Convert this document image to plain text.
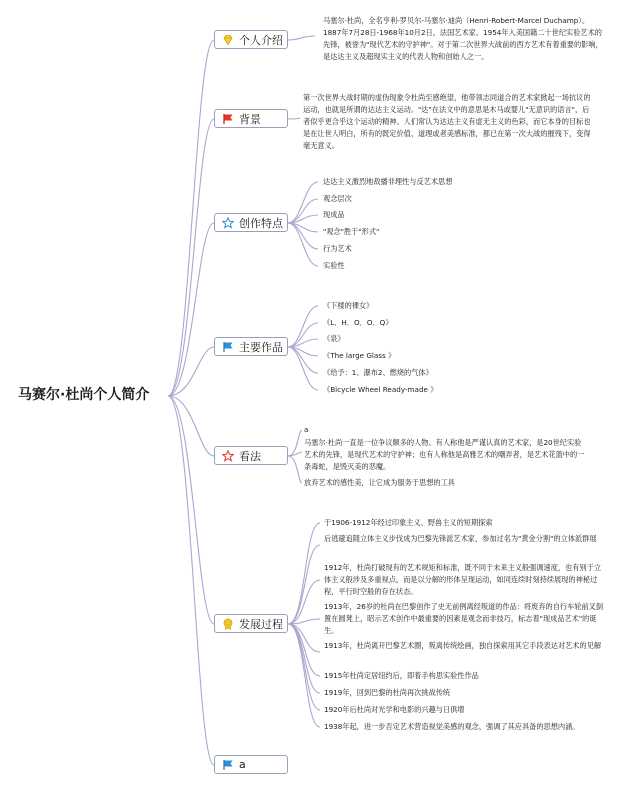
马赛尔·杜尚个人简介
个人介绍
背景
创作特点
主要作品
看法
发展过程
a
马塞尔·杜尚，全名亨利-罗贝尔-马塞尔·迪尚（Henri-Robert-Marcel Duchamp）。1887年7月28日-1968年10月2日，法国艺术家。1954年入美国籍二十世纪实验艺术的先锋，被誉为"现代艺术的守护神"。对于第二次世界大战前的西方艺术有着重要的影响，是达达主义及超现实主义的代表人物和创始人之一。
第一次世界大战时期的虚伪现象令杜尚至感绝望，他带领志同道合的艺术家掀起一场抗议的运动，也就是所谓的达达主义运动。"达"在法文中的意思是木马或婴儿"无意识的语言"，后者似乎更合乎这个运动的精神。人们常认为达达主义有虚无主义的色彩，而它本身的目标也是在让世人明白，所有的既定价值、道理或者美感标准，都已在第一次大战的摧残下，变得毫无意义。
达达主义激烈地敌播非理性与反艺术思想
观念层次
现成品
"观念"胜于"形式"
行为艺术
实验性
《下楼的裸女》
《L．H．O．O．Q》
《泉》
《The large Glass 》
《给予：1、瀑布2、燃烧的气体》
《Bicycle Wheel Ready-made 》
a
马塞尔·杜尚一直是一位争议颇多的人物。有人称他是严谨认真的艺术家，是20世纪实验艺术的先锋，是现代艺术的守护神；也有人称他是高雅艺术的嘲弄者，是艺术花篮中的一条毒蛇，是毁灭美的恶魔。
放弃艺术的感性美，让它成为服务于思想的工具
于1906-1912年经过印象主义、野兽主义的短期探索
后逃避追随立体主义步伐成为巴黎先锋派艺术家，参加过名为"黄金分割"的立体派群展
1912年，杜尚打破现有的艺术规矩和标准，既不同于未来主义般强调速度，也有别于立体主义般涉及多重视点，而是以分解的形体呈现运动，如同连续时刻持续展现的神秘过程，平行时空般的存在状态。
1913年，26岁的杜尚在巴黎创作了史无前例离经叛道的作品：将废弃的自行车轮前叉倒置在圆凳上，昭示艺术创作中最重要的因素是观念而非技巧，标志着"现成品艺术"的诞生。
1913年，杜尚离开巴黎艺术圈，叛离传统绘画，独自探索用其它手段表达对艺术的见解
1915年杜尚定居纽约后，即着手构思实验性作品
1919年，回到巴黎的杜尚再次挑战传统
1920年后杜尚对光学和电影的兴趣与日俱增
1938年起，进一步否定艺术营造视觉美感的观念，强调了其应具备的思想内涵。
